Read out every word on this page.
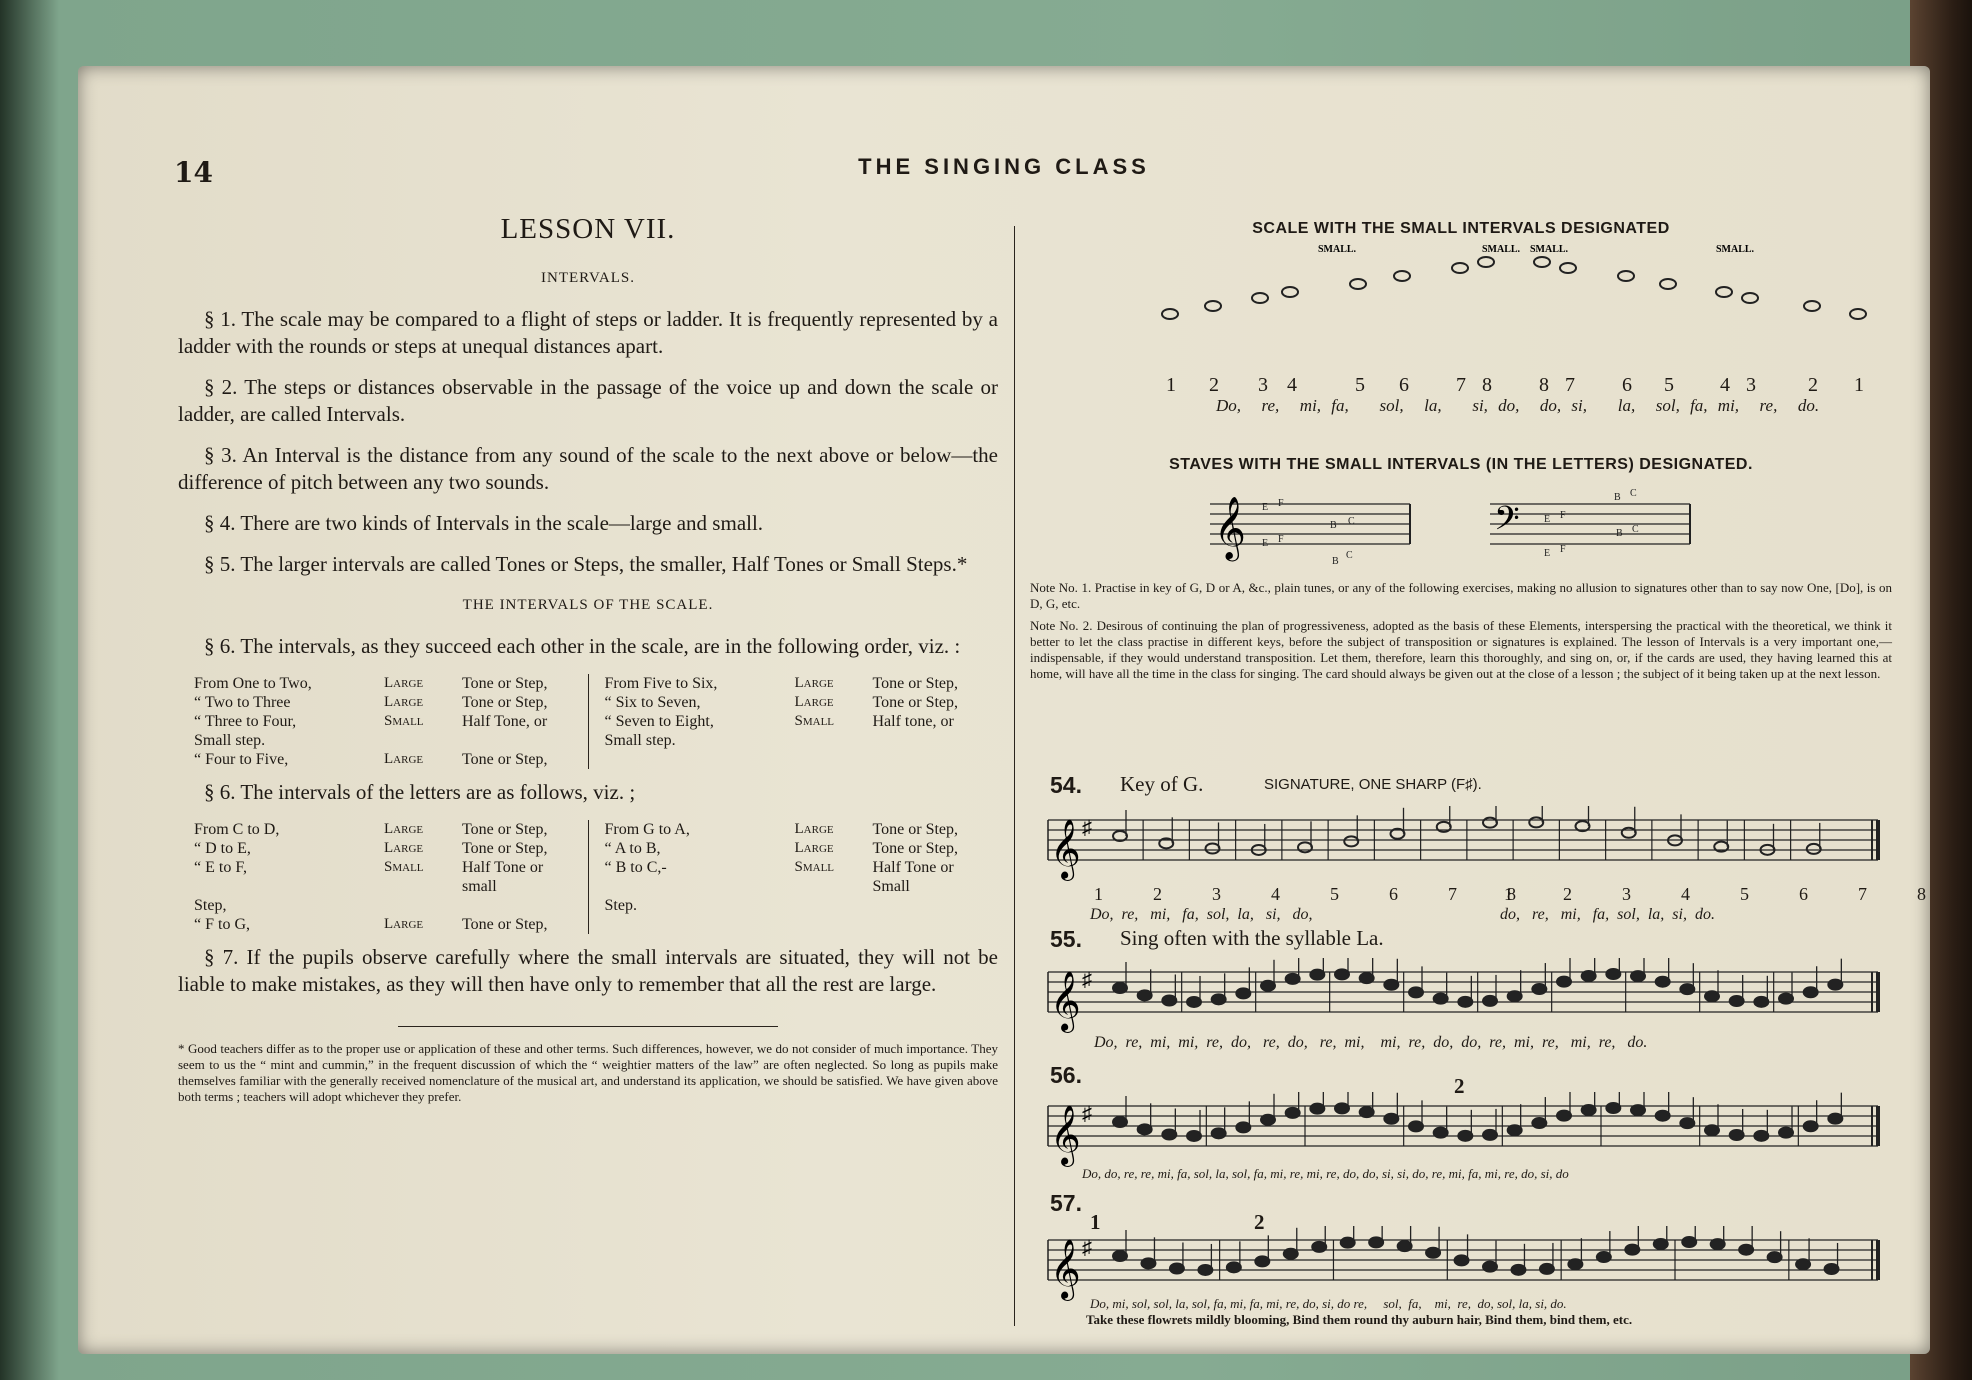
14	THE SINGING CLASS
LESSON VII.
INTERVALS.

§ 1. The scale may be compared to a flight of steps or ladder. It is frequently represented by a ladder with the rounds or steps at unequal distances apart.

§ 2. The steps or distances observable in the passage of the voice up and down the scale or ladder, are called Intervals.

§ 3. An Interval is the distance from any sound of the scale to the next above or below—the difference of pitch between any two sounds.

§ 4. There are two kinds of Intervals in the scale—large and small.

§ 5. The larger intervals are called Tones or Steps, the smaller, Half Tones or Small Steps.*

THE INTERVALS OF THE SCALE.

§ 6. The intervals, as they succeed each other in the scale, are in the following order, viz. :

From One to Two,	Large	Tone or Step,
“ Two to Three	Large	Tone or Step,
“ Three to Four,	Small	Half Tone, or
Small step.
“ Four to Five,	Large	Tone or Step,
From Five to Six,	Large	Tone or Step,
“ Six to Seven,	Large	Tone or Step,
“ Seven to Eight,	Small	Half tone, or
Small step.

§ 6. The intervals of the letters are as follows, viz. ;

From C to D,	Large	Tone or Step,
“ D to E,	Large	Tone or Step,
“ E to F,	Small	Half Tone or small
Step,
“ F to G,	Large	Tone or Step,
From G to A,	Large	Tone or Step,
“ A to B,	Large	Tone or Step,
“ B to C,-	Small	Half Tone or Small
Step.

§ 7. If the pupils observe carefully where the small intervals are situated, they will not be liable to make mistakes, as they will then have only to remember that all the rest are large.

* Good teachers differ as to the proper use or application of these and other terms. Such differences, however, we do not consider of much importance. They seem to us the “ mint and cummin,” in the frequent discussion of which the “ weightier matters of the law” are often neglected. So long as pupils make themselves familiar with the generally received nomenclature of the musical art, and understand its application, we should be satisfied. We have given above both terms ; teachers will adopt whichever they prefer.

SCALE WITH THE SMALL INTERVALS DESIGNATED
SMALL.	SMALL. SMALL.	SMALL.
1 2 3 4	5 6 7 8 8 7 6 5 4 3	2 1
Do,  re,  mi, fa,   sol,  la,   si, do,  do, si,   la,  sol, fa, mi,  re,  do.
STAVES WITH THE SMALL INTERVALS (IN THE LETTERS) DESIGNATED.
𝄞	𝄢
E F
E F
B C
C
B
E F
E F
B C
B C

Note No. 1. Practise in key of G, D or A, &c., plain tunes, or any of the following exercises, making no allusion to signatures other than to say now One, [Do], is on D, G, etc.

Note No. 2. Desirous of continuing the plan of progressiveness, adopted as the basis of these Elements, interspersing the practical with the theoretical, we think it better to let the class practise in different keys, before the subject of transposition or signatures is explained. The lesson of Intervals is a very important one,—indispensable, if they would understand transposition. Let them, therefore, learn this thoroughly, and sing on, or, if the cards are used, they having learned this at home, will have all the time in the class for singing. The card should always be given out at the close of a lesson ; the subject of it being taken up at the next lesson.

54. Key of G.	SIGNATURE, ONE SHARP (F♯).
𝄞 ♯
1    2    3    4    5    6    7    8
Do,  re,   mi,   fa,  sol,  la,   si,   do,
1    2    3    4    5    6    7    8
do,   re,   mi,   fa,  sol,  la,  si,  do.
55. Sing often with the syllable La.
𝄞 ♯
Do,  re,  mi,  mi,  re,  do,   re,  do,   re,  mi,    mi,  re,  do,  do,  re,  mi,  re,   mi,  re,   do.
56.	2
𝄞 ♯
Do, do, re, re, mi, fa, sol, la, sol, fa, mi, re, mi, re, do, do, si, si, do, re, mi, fa, mi, re, do, si, do
57.
1	2
𝄞 ♯
Do, mi, sol, sol, la, sol, fa, mi, fa, mi, re, do, si, do re,     sol,  fa,    mi,  re,  do, sol, la, si, do.
Take these flowrets mildly blooming, Bind them round thy auburn hair, Bind them, bind them, etc.
